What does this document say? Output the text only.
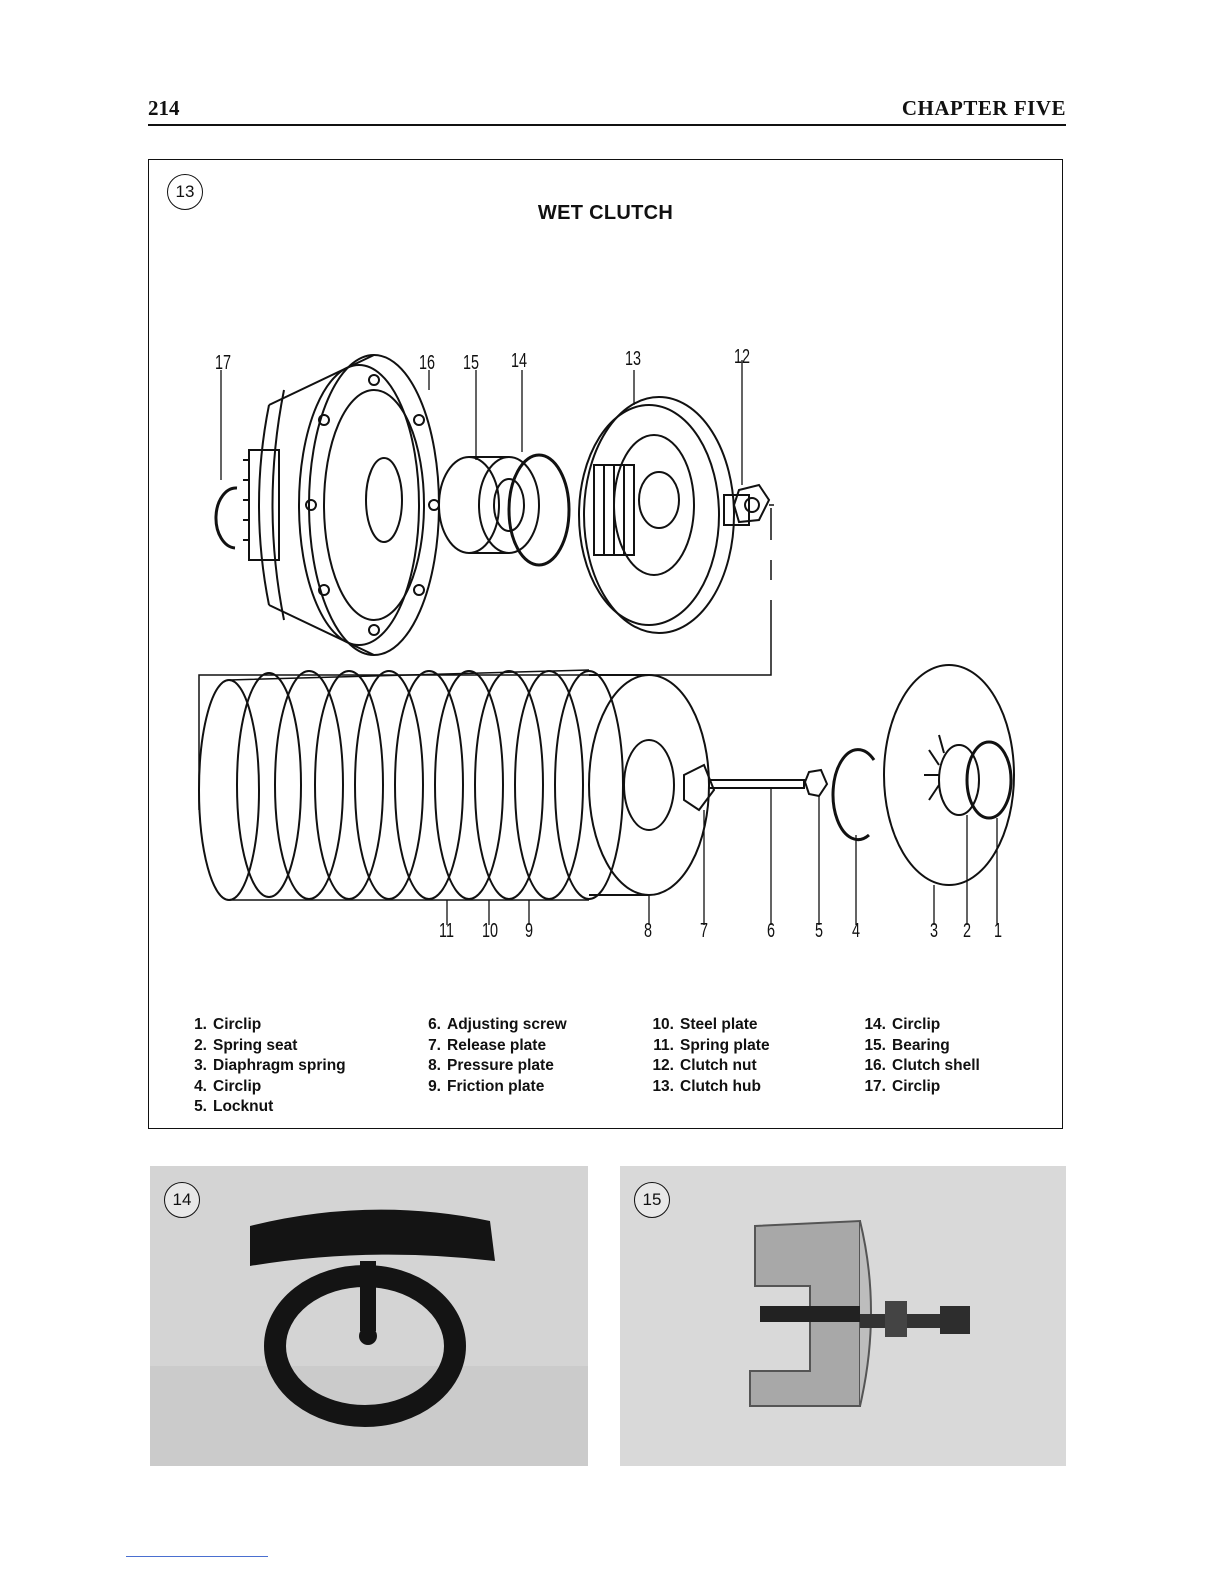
214	CHAPTER FIVE
13
WET CLUTCH
17	16 15 14	13	12
11 10 9	8 7	6 5 4	3 2 1
1. Circlip
2. Spring seat
3. Diaphragm spring
4. Circlip
5. Locknut
6. Adjusting screw
7. Release plate
8. Pressure plate
9. Friction plate
10. Steel plate
11. Spring plate
12. Clutch nut
13. Clutch hub
14. Circlip
15. Bearing
16. Clutch shell
17. Circlip
14	15
